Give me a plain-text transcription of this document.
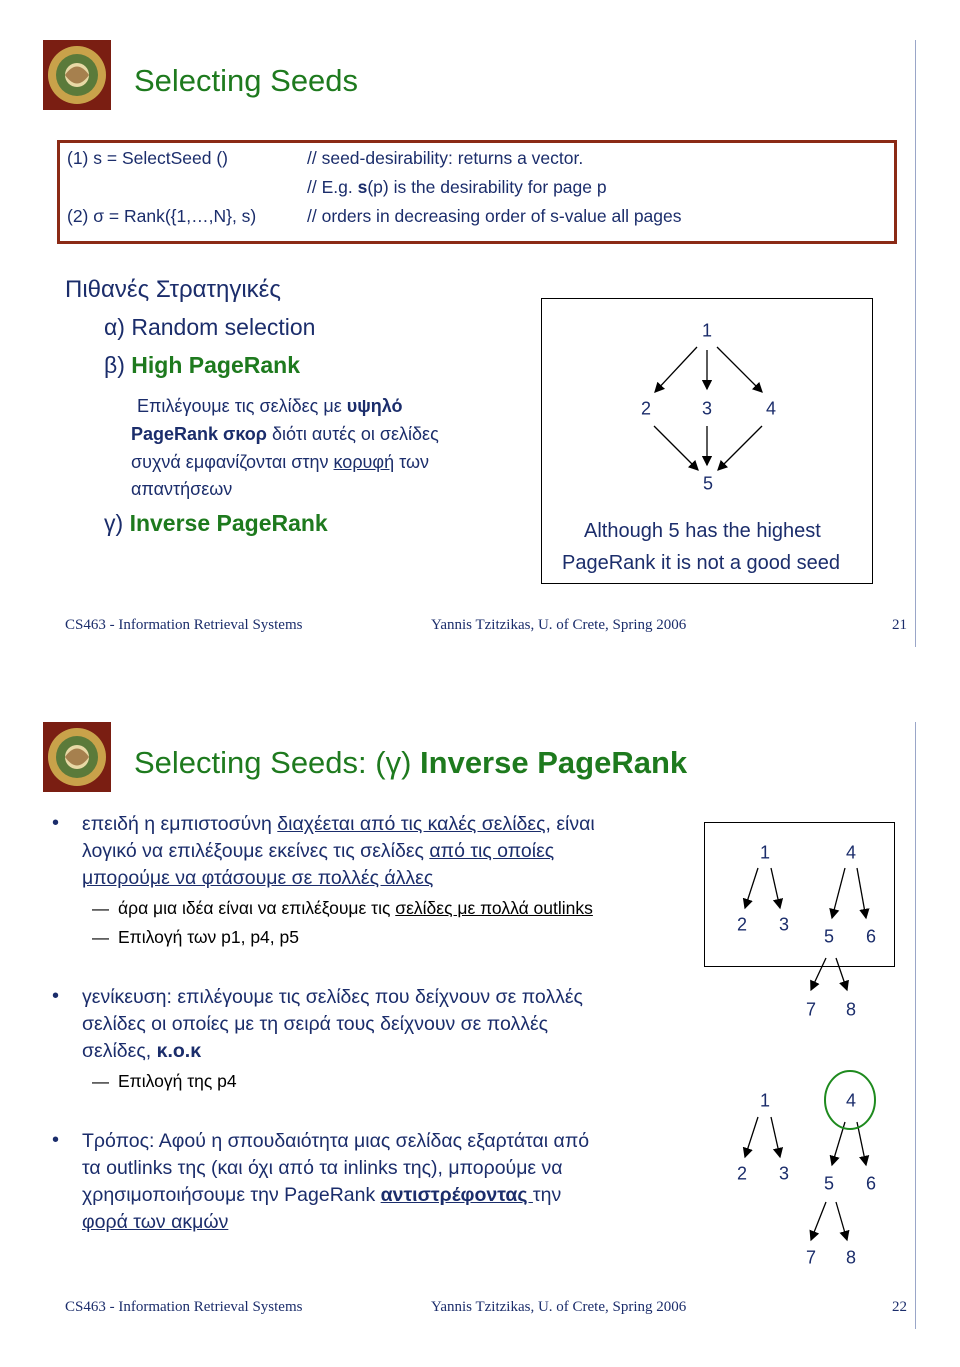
Selecting Seeds
(1) s = SelectSeed ()	// seed-desirability: returns a vector.
// E.g. s(p) is the desirability for page p
(2) σ = Rank({1,…,N}, s)	// orders in decreasing order of s-value all pages
Πιθανές Στρατηγικές
α) Random selection
β) High PageRank
Επιλέγουμε τις σελίδες με υψηλό
PageRank σκορ διότι αυτές οι σελίδες
συχνά εμφανίζονται στην κορυφή των
απαντήσεων
γ) Inverse PageRank
1
2	3	4
5
Although 5 has the highest
PageRank it is not a good seed
CS463 - Information Retrieval Systems	Yannis Tzitzikas, U. of Crete, Spring 2006	21
Selecting Seeds: (γ) Inverse PageRank
• επειδή η εμπιστοσύνη διαχέεται από τις καλές σελίδες, είναι
λογικό να επιλέξουμε εκείνες τις σελίδες από τις οποίες
μπορούμε να φτάσουμε σε πολλές άλλες
— άρα μια ιδέα είναι να επιλέξουμε τις σελίδες με πολλά outlinks
— Επιλογή των p1, p4, p5
• γενίκευση: επιλέγουμε τις σελίδες που δείχνουν σε πολλές
σελίδες οι οποίες με τη σειρά τους δείχνουν σε πολλές
σελίδες, κ.ο.κ
— Επιλογή της p4
• Τρόπος: Αφού η σπουδαιότητα μιας σελίδας εξαρτάται από
τα outlinks της (και όχι από τα inlinks της), μπορούμε να
χρησιμοποιήσουμε την PageRank αντιστρέφοντας την
φορά των ακμών
1	4
2 3
5 6
7 8
1	4
2 3 5 6
7 8
CS463 - Information Retrieval Systems	Yannis Tzitzikas, U. of Crete, Spring 2006	22
